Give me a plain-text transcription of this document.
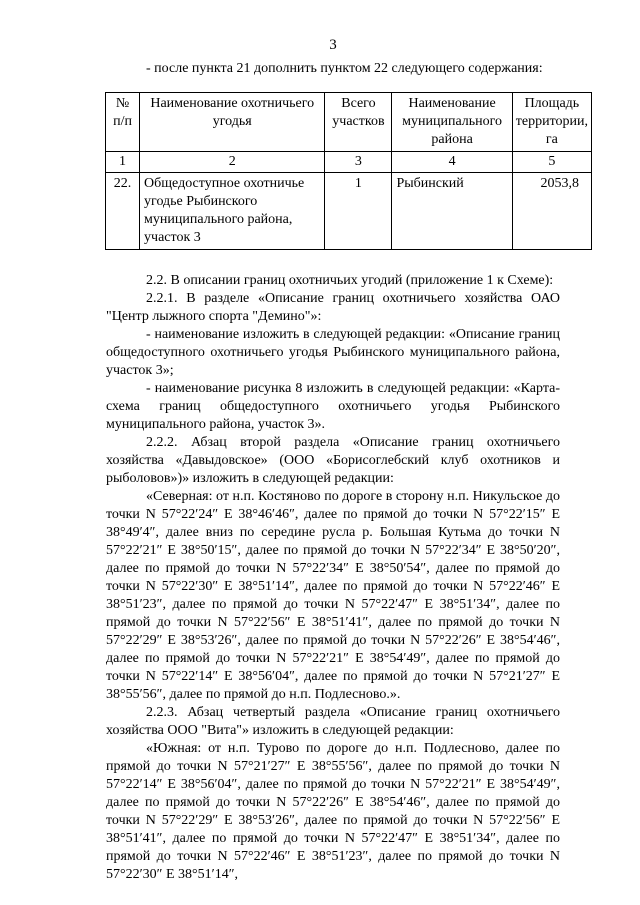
3
- после пункта 21 дополнить пунктом 22 следующего содержания:
№ п/п	Наименование охотничьего угодья	Всего участков	Наименование муниципального района	Площадь территории, га
1	2	3	4	5
22.	Общедоступное охотничье угодье Рыбинского муниципального района, участок 3	1	Рыбинский	2053,8

2.2. В описании границ охотничьих угодий (приложение 1 к Схеме):

2.2.1. В разделе «Описание границ охотничьего хозяйства ОАО "Центр лыжного спорта "Демино"»:

- наименование изложить в следующей редакции: «Описание границ общедоступного охотничьего угодья Рыбинского муниципального района, участок 3»;

- наименование рисунка 8 изложить в следующей редакции: «Карта-схема границ общедоступного охотничьего угодья Рыбинского муниципального района, участок 3».

2.2.2. Абзац второй раздела «Описание границ охотничьего хозяйства «Давыдовское» (ООО «Борисоглебский клуб охотников и рыболовов»)» изложить в следующей редакции:

«Северная: от н.п. Костяново по дороге в сторону н.п. Никульское до точки N 57°22′24″ E 38°46′46″, далее по прямой до точки N 57°22′15″ E 38°49′4″, далее вниз по середине русла р. Большая Кутьма до точки N 57°22′21″ E 38°50′15″, далее по прямой до точки N 57°22′34″ E 38°50′20″, далее по прямой до точки N 57°22′34″ E 38°50′54″, далее по прямой до точки N 57°22′30″ E 38°51′14″, далее по прямой до точки N 57°22′46″ E 38°51′23″, далее по прямой до точки N 57°22′47″ E 38°51′34″, далее по прямой до точки N 57°22′56″ E 38°51′41″, далее по прямой до точки N 57°22′29″ E 38°53′26″, далее по прямой до точки N 57°22′26″ E 38°54′46″, далее по прямой до точки N 57°22′21″ E 38°54′49″, далее по прямой до точки N 57°22′14″ E 38°56′04″, далее по прямой до точки N 57°21′27″ E 38°55′56″, далее по прямой до н.п. Подлесново.».

2.2.3. Абзац четвертый раздела «Описание границ охотничьего хозяйства ООО "Вита"» изложить в следующей редакции:

«Южная: от н.п. Турово по дороге до н.п. Подлесново, далее по прямой до точки N 57°21′27″ E 38°55′56″, далее по прямой до точки N 57°22′14″ E 38°56′04″, далее по прямой до точки N 57°22′21″ E 38°54′49″, далее по прямой до точки N 57°22′26″ E 38°54′46″, далее по прямой до точки N 57°22′29″ E 38°53′26″, далее по прямой до точки N 57°22′56″ E 38°51′41″, далее по прямой до точки N 57°22′47″ E 38°51′34″, далее по прямой до точки N 57°22′46″ E 38°51′23″, далее по прямой до точки N 57°22′30″ E 38°51′14″,
